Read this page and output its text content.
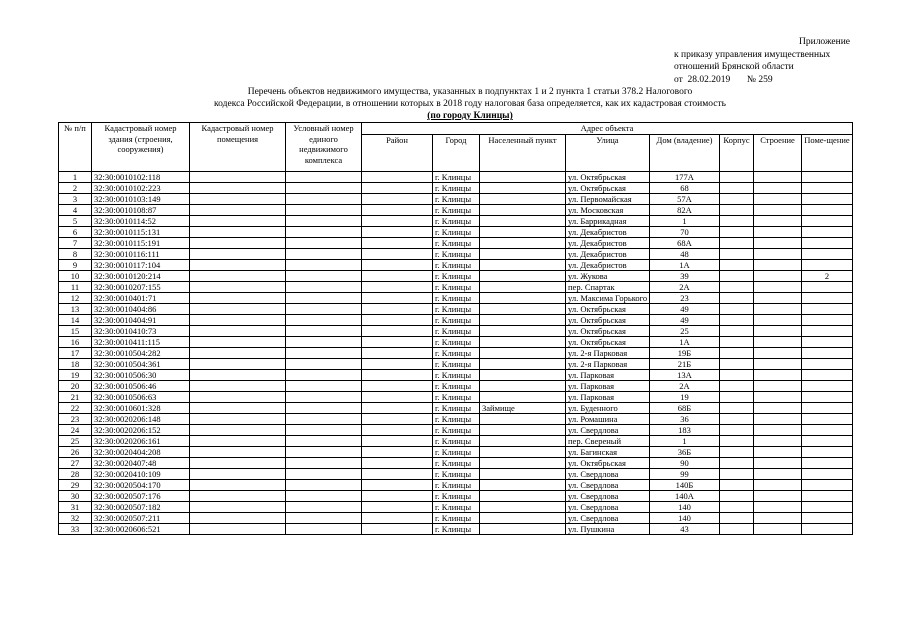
Приложение
к приказу управления имущественных
отношений Брянской области
от 28.02.2019 № 259
Перечень объектов недвижимого имущества, указанных в подпунктах 1 и 2 пункта 1 статьи 378.2 Налогового
кодекса Российской Федерации, в отношении которых в 2018 году налоговая база определяется, как их кадастровая стоимость
(по городу Клинцы)
№ п/п	Кадастровый номер здания (строения, сооружения)	Кадастровый номер помещения	Условный номер единого недвижимого комплекса	Адрес объекта							
				Район	Город	Населенный пункт	Улица	Дом (владение)	Корпус	Строение	Поме-щение
1	32:30:0010102:118				г. Клинцы		ул. Октябрьская	177А			
2	32:30:0010102:223				г. Клинцы		ул. Октябрьская	68			
3	32:30:0010103:149				г. Клинцы		ул. Первомайская	57А			
4	32:30:0010108:87				г. Клинцы		ул. Московская	82А			
5	32:30:0010114:52				г. Клинцы		ул. Баррикадная	1			
6	32:30:0010115:131				г. Клинцы		ул. Декабристов	70			
7	32:30:0010115:191				г. Клинцы		ул. Декабристов	68А			
8	32:30:0010116:111				г. Клинцы		ул. Декабристов	48			
9	32:30:0010117:104				г. Клинцы		ул. Декабристов	1А			
10	32:30:0010120:214				г. Клинцы		ул. Жукова	39			2
11	32:30:0010207:155				г. Клинцы		пер. Спартак	2А			
12	32:30:0010401:71				г. Клинцы		ул. Максима Горького	23			
13	32:30:0010404:86				г. Клинцы		ул. Октябрьская	49			
14	32:30:0010404:91				г. Клинцы		ул. Октябрьская	49			
15	32:30:0010410:73				г. Клинцы		ул. Октябрьская	25			
16	32:30:0010411:115				г. Клинцы		ул. Октябрьская	1А			
17	32:30:0010504:282				г. Клинцы		ул. 2-я Парковая	19Б			
18	32:30:0010504:361				г. Клинцы		ул. 2-я Парковая	21Б			
19	32:30:0010506:30				г. Клинцы		ул. Парковая	13А			
20	32:30:0010506:46				г. Клинцы		ул. Парковая	2А			
21	32:30:0010506:63				г. Клинцы		ул. Парковая	19			
22	32:30:0010601:328				г. Клинцы	Займище	ул. Буденного	68Б			
23	32:30:0020206:148				г. Клинцы		ул. Ромашина	36			
24	32:30:0020206:152				г. Клинцы		ул. Свердлова	183			
25	32:30:0020206:161				г. Клинцы		пер. Свереный	1			
26	32:30:0020404:208				г. Клинцы		ул. Багинская	36Б			
27	32:30:0020407:48				г. Клинцы		ул. Октябрьская	90			
28	32:30:0020410:109				г. Клинцы		ул. Свердлова	99			
29	32:30:0020504:170				г. Клинцы		ул. Свердлова	140Б			
30	32:30:0020507:176				г. Клинцы		ул. Свердлова	140А			
31	32:30:0020507:182				г. Клинцы		ул. Свердлова	140			
32	32:30:0020507:211				г. Клинцы		ул. Свердлова	140			
33	32:30:0020606:521				г. Клинцы		ул. Пушкина	43			
